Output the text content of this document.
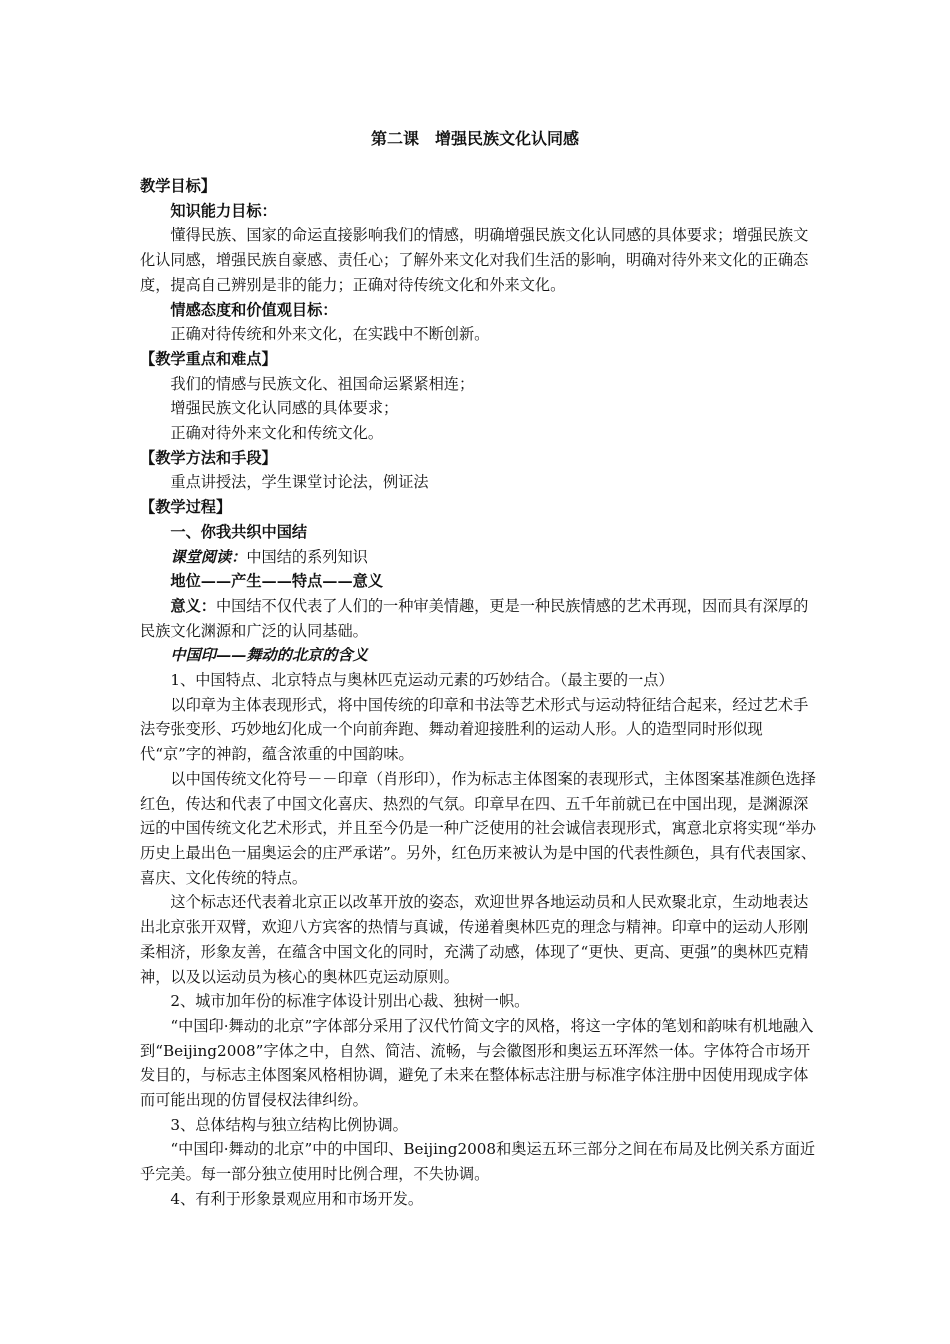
第二课　增强民族文化认同感

教学目标】

知识能力目标：

懂得民族、国家的命运直接影响我们的情感，明确增强民族文化认同感的具体要求；增强民族文化认同感，增强民族自豪感、责任心；了解外来文化对我们生活的影响，明确对待外来文化的正确态度，提高自己辨别是非的能力；正确对待传统文化和外来文化。

情感态度和价值观目标：

正确对待传统和外来文化，在实践中不断创新。

【教学重点和难点】

我们的情感与民族文化、祖国命运紧紧相连；

增强民族文化认同感的具体要求；

正确对待外来文化和传统文化。

【教学方法和手段】

重点讲授法，学生课堂讨论法，例证法

【教学过程】

一、你我共织中国结

课堂阅读：中国结的系列知识

地位——产生——特点——意义

意义：中国结不仅代表了人们的一种审美情趣，更是一种民族情感的艺术再现，因而具有深厚的民族文化渊源和广泛的认同基础。

中国印——舞动的北京的含义

1、中国特点、北京特点与奥林匹克运动元素的巧妙结合。（最主要的一点）

以印章为主体表现形式，将中国传统的印章和书法等艺术形式与运动特征结合起来，经过艺术手法夸张变形、巧妙地幻化成一个向前奔跑、舞动着迎接胜利的运动人形。人的造型同时形似现代“京”字的神韵，蕴含浓重的中国韵味。

以中国传统文化符号－－印章（肖形印），作为标志主体图案的表现形式，主体图案基准颜色选择红色，传达和代表了中国文化喜庆、热烈的气氛。印章早在四、五千年前就已在中国出现，是渊源深远的中国传统文化艺术形式，并且至今仍是一种广泛使用的社会诚信表现形式，寓意北京将实现“举办历史上最出色一届奥运会的庄严承诺”。另外，红色历来被认为是中国的代表性颜色，具有代表国家、喜庆、文化传统的特点。

这个标志还代表着北京正以改革开放的姿态，欢迎世界各地运动员和人民欢聚北京，生动地表达出北京张开双臂，欢迎八方宾客的热情与真诚，传递着奥林匹克的理念与精神。印章中的运动人形刚柔相济，形象友善，在蕴含中国文化的同时，充满了动感，体现了“更快、更高、更强”的奥林匹克精神，以及以运动员为核心的奥林匹克运动原则。

2、城市加年份的标准字体设计别出心裁、独树一帜。

“中国印·舞动的北京”字体部分采用了汉代竹简文字的风格，将这一字体的笔划和韵味有机地融入到“Beijing2008”字体之中，自然、简洁、流畅，与会徽图形和奥运五环浑然一体。字体符合市场开发目的，与标志主体图案风格相协调，避免了未来在整体标志注册与标准字体注册中因使用现成字体而可能出现的仿冒侵权法律纠纷。

3、总体结构与独立结构比例协调。

“中国印·舞动的北京”中的中国印、Beijing2008和奥运五环三部分之间在布局及比例关系方面近乎完美。每一部分独立使用时比例合理，不失协调。

4、有利于形象景观应用和市场开发。
